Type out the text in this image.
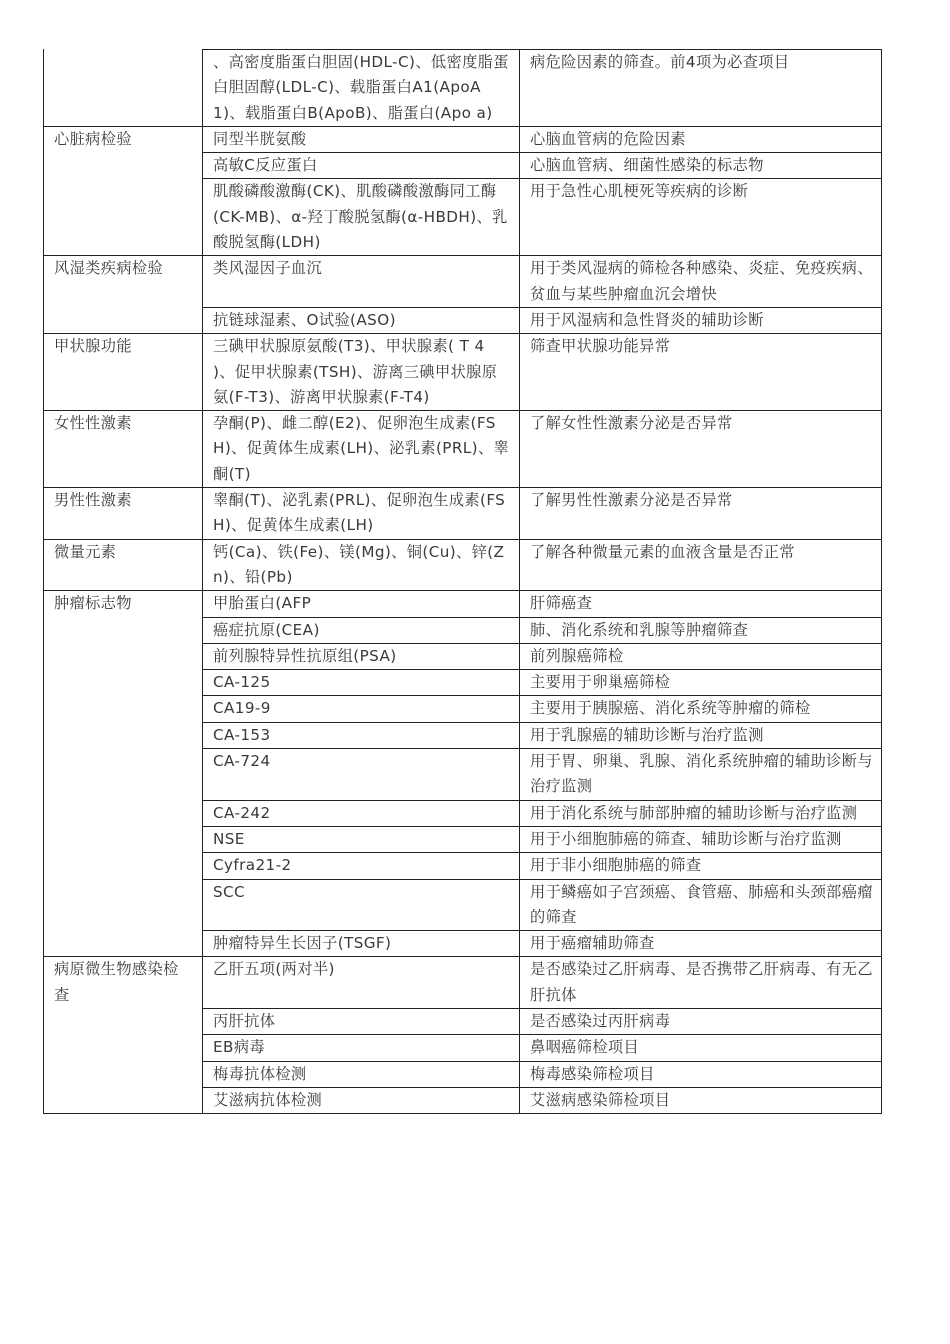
	、高密度脂蛋白胆固(HDL-C)、低密度脂蛋白胆固醇(LDL-C)、载脂蛋白A1(ApoA1)、载脂蛋白B(ApoB)、脂蛋白(Apo a)	病危险因素的筛查。前4项为必查项目
心脏病检验	同型半胱氨酸	心脑血管病的危险因素
	高敏C反应蛋白	心脑血管病、细菌性感染的标志物
	肌酸磷酸激酶(CK)、肌酸磷酸激酶同工酶(CK-MB)、α-羟丁酸脱氢酶(α-HBDH)、乳酸脱氢酶(LDH)	用于急性心肌梗死等疾病的诊断
风湿类疾病检验	类风湿因子血沉	用于类风湿病的筛检各种感染、炎症、免疫疾病、贫血与某些肿瘤血沉会增快
	抗链球湿素、O试验(ASO)	用于风湿病和急性肾炎的辅助诊断
甲状腺功能	三碘甲状腺原氨酸(T3)、甲状腺素( T 4 )、促甲状腺素(TSH)、游离三碘甲状腺原氨(F-T3)、游离甲状腺素(F-T4)	筛查甲状腺功能异常
女性性激素	孕酮(P)、雌二醇(E2)、促卵泡生成素(FSH)、促黄体生成素(LH)、泌乳素(PRL)、睾酮(T)	了解女性性激素分泌是否异常
男性性激素	睾酮(T)、泌乳素(PRL)、促卵泡生成素(FSH)、促黄体生成素(LH)	了解男性性激素分泌是否异常
微量元素	钙(Ca)、铁(Fe)、镁(Mg)、铜(Cu)、锌(Zn)、铅(Pb)	了解各种微量元素的血液含量是否正常
肿瘤标志物	甲胎蛋白(AFP	肝筛癌查
	癌症抗原(CEA)	肺、消化系统和乳腺等肿瘤筛查
	前列腺特异性抗原组(PSA)	前列腺癌筛检
	CA-125	主要用于卵巢癌筛检
	CA19-9	主要用于胰腺癌、消化系统等肿瘤的筛检
	CA-153	用于乳腺癌的辅助诊断与治疗监测
	CA-724	用于胃、卵巢、乳腺、消化系统肿瘤的辅助诊断与治疗监测
	CA-242	用于消化系统与肺部肿瘤的辅助诊断与治疗监测
	NSE	用于小细胞肺癌的筛查、辅助诊断与治疗监测
	Cyfra21-2	用于非小细胞肺癌的筛查
	SCC	用于鳞癌如子宫颈癌、食管癌、肺癌和头颈部癌瘤的筛查
	肿瘤特异生长因子(TSGF)	用于癌瘤辅助筛查
病原微生物感染检查	乙肝五项(两对半)	是否感染过乙肝病毒、是否携带乙肝病毒、有无乙肝抗体
	丙肝抗体	是否感染过丙肝病毒
	EB病毒	鼻咽癌筛检项目
	梅毒抗体检测	梅毒感染筛检项目
	艾滋病抗体检测	艾滋病感染筛检项目
